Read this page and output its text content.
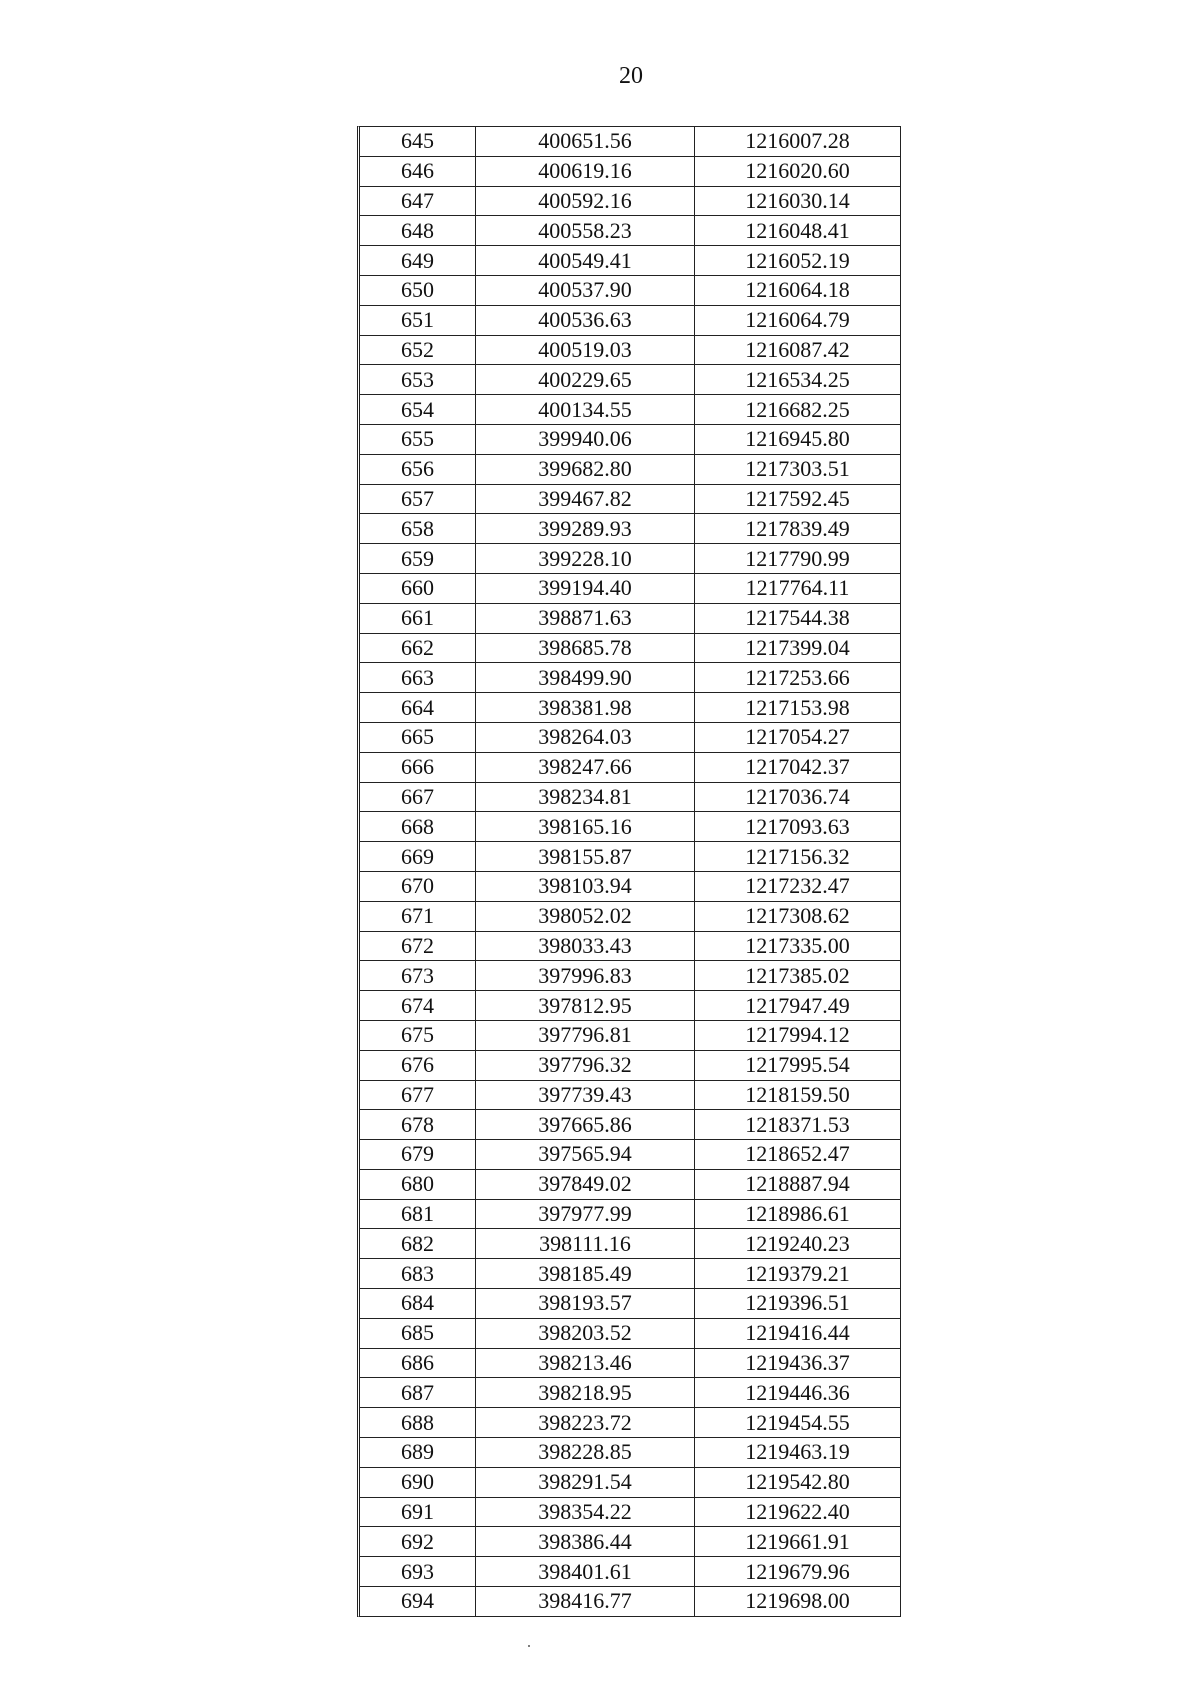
20
645	400651.56	1216007.28
646	400619.16	1216020.60
647	400592.16	1216030.14
648	400558.23	1216048.41
649	400549.41	1216052.19
650	400537.90	1216064.18
651	400536.63	1216064.79
652	400519.03	1216087.42
653	400229.65	1216534.25
654	400134.55	1216682.25
655	399940.06	1216945.80
656	399682.80	1217303.51
657	399467.82	1217592.45
658	399289.93	1217839.49
659	399228.10	1217790.99
660	399194.40	1217764.11
661	398871.63	1217544.38
662	398685.78	1217399.04
663	398499.90	1217253.66
664	398381.98	1217153.98
665	398264.03	1217054.27
666	398247.66	1217042.37
667	398234.81	1217036.74
668	398165.16	1217093.63
669	398155.87	1217156.32
670	398103.94	1217232.47
671	398052.02	1217308.62
672	398033.43	1217335.00
673	397996.83	1217385.02
674	397812.95	1217947.49
675	397796.81	1217994.12
676	397796.32	1217995.54
677	397739.43	1218159.50
678	397665.86	1218371.53
679	397565.94	1218652.47
680	397849.02	1218887.94
681	397977.99	1218986.61
682	398111.16	1219240.23
683	398185.49	1219379.21
684	398193.57	1219396.51
685	398203.52	1219416.44
686	398213.46	1219436.37
687	398218.95	1219446.36
688	398223.72	1219454.55
689	398228.85	1219463.19
690	398291.54	1219542.80
691	398354.22	1219622.40
692	398386.44	1219661.91
693	398401.61	1219679.96
694	398416.77	1219698.00
